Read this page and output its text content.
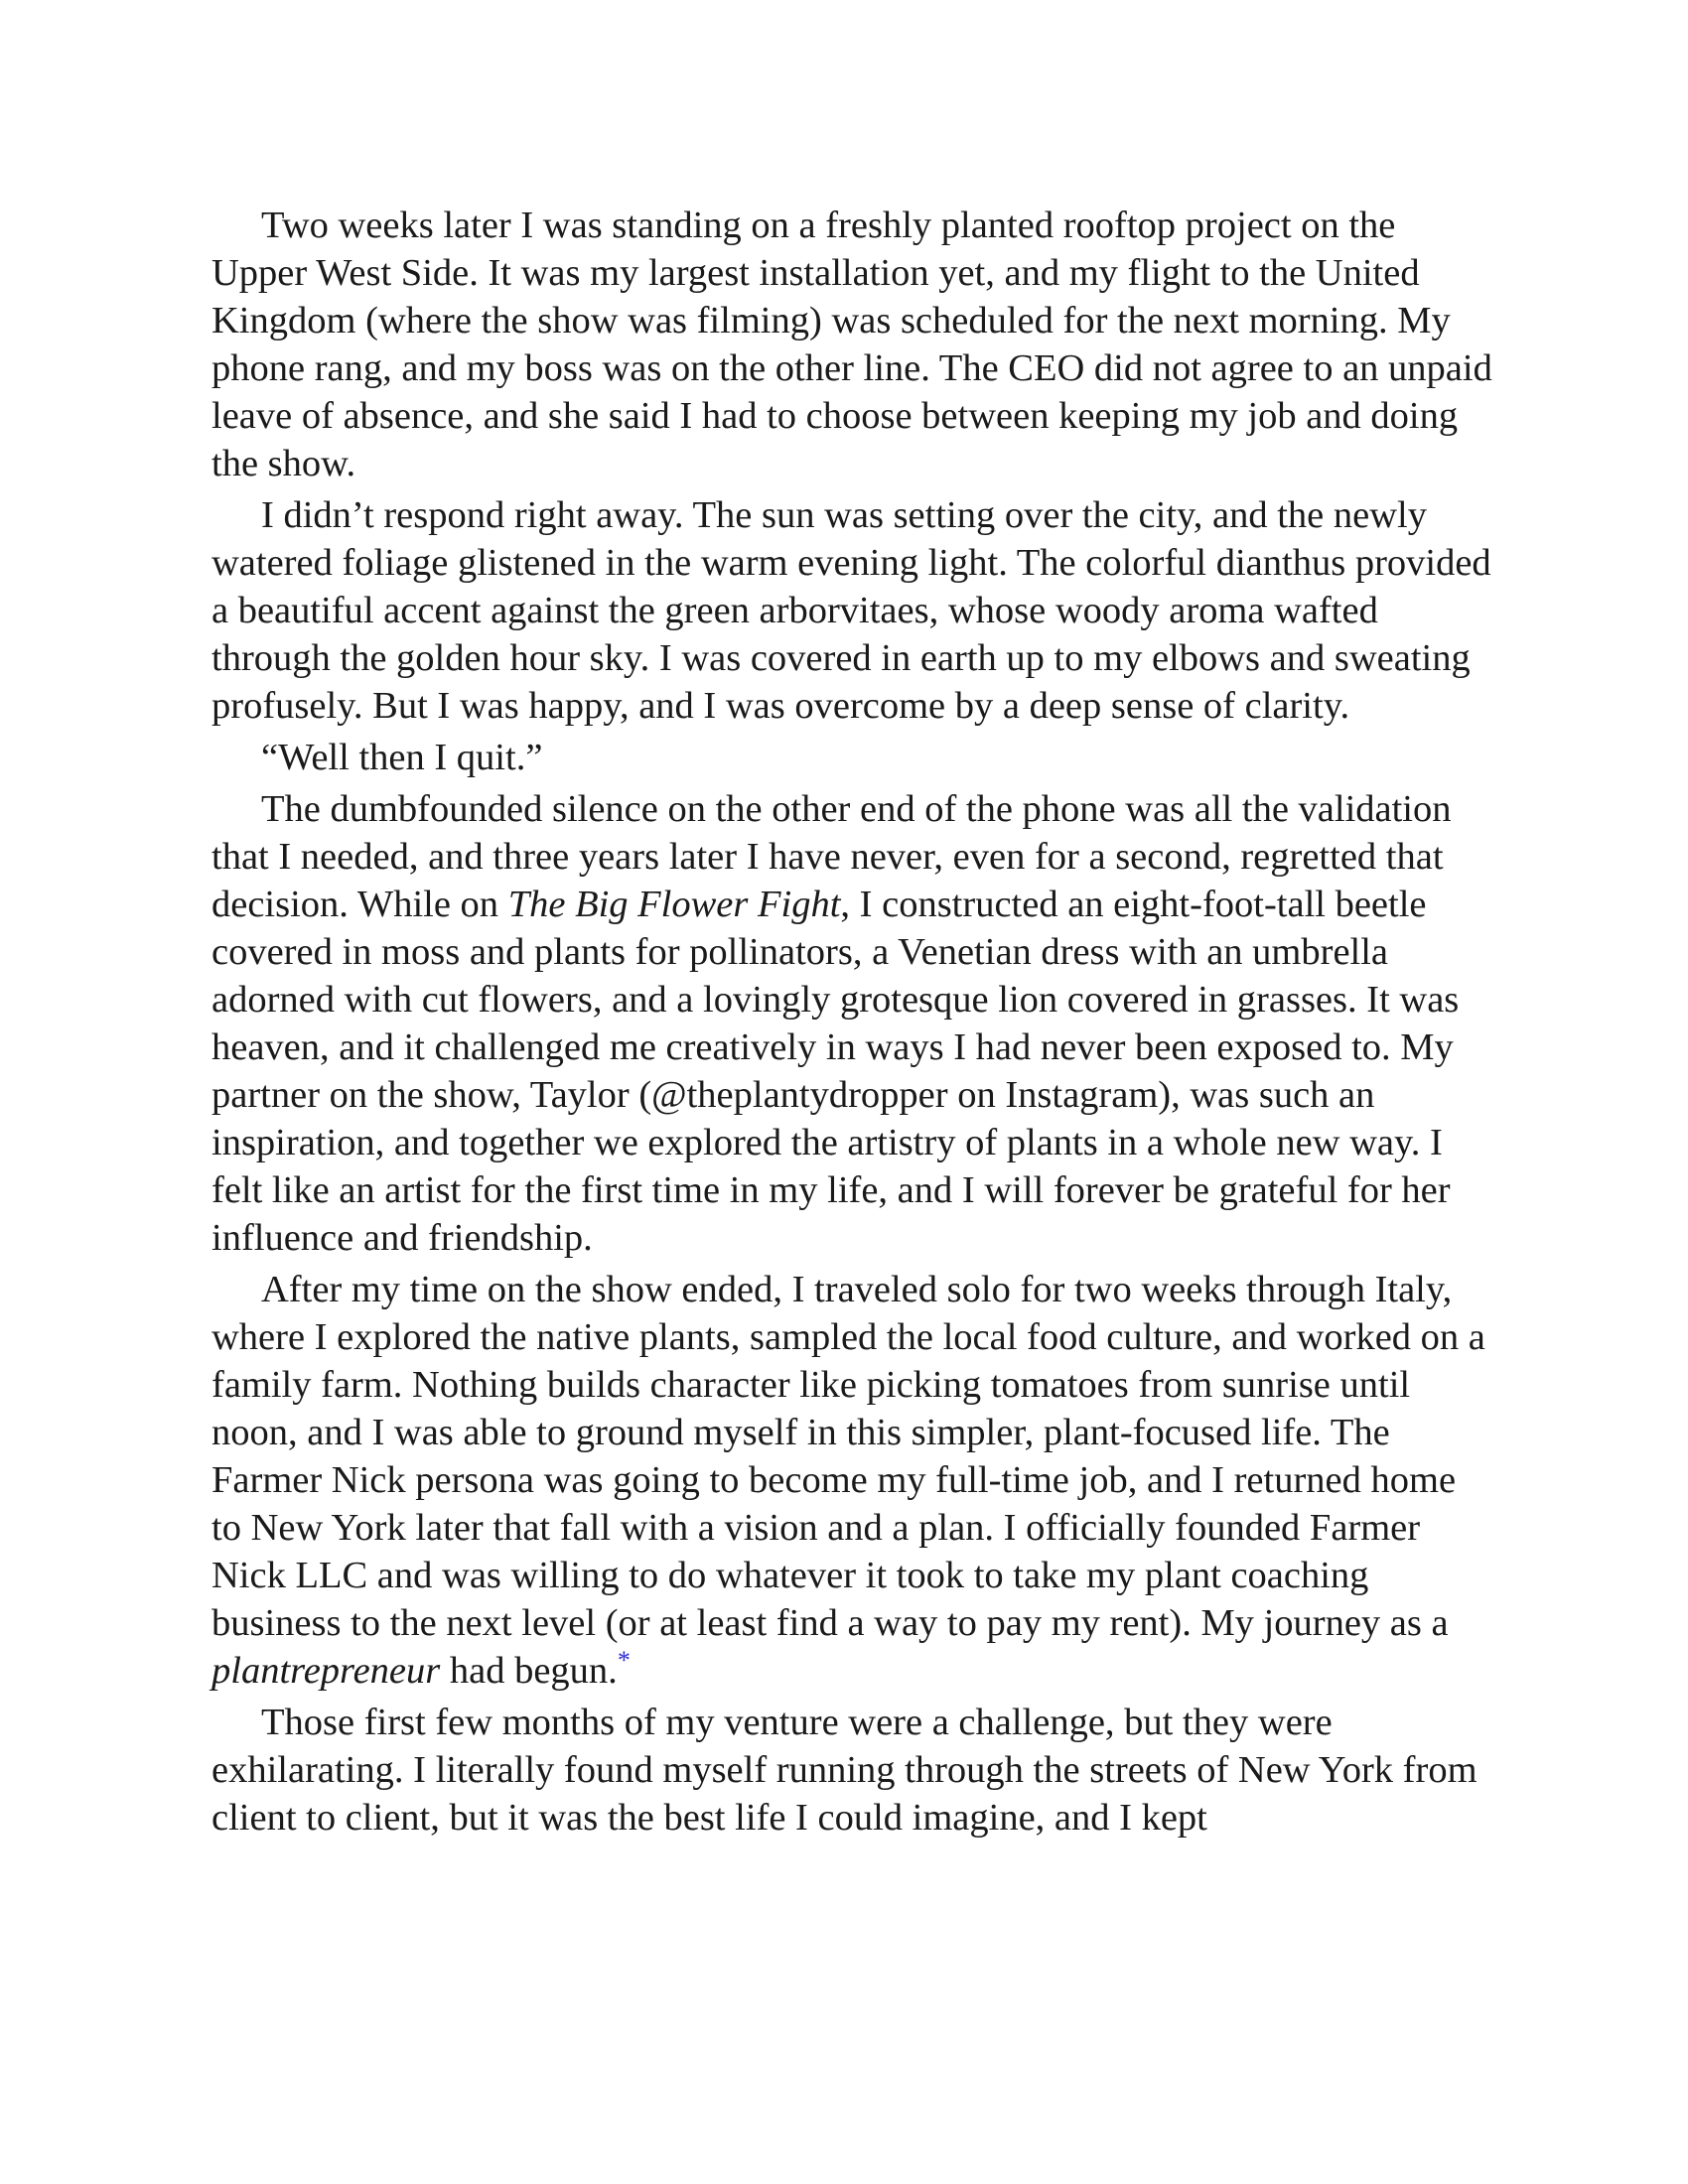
Two weeks later I was standing on a freshly planted rooftop project on the Upper West Side. It was my largest installation yet, and my flight to the United Kingdom (where the show was filming) was scheduled for the next morning. My phone rang, and my boss was on the other line. The CEO did not agree to an unpaid leave of absence, and she said I had to choose between keeping my job and doing the show.

I didn’t respond right away. The sun was setting over the city, and the newly watered foliage glistened in the warm evening light. The colorful dianthus provided a beautiful accent against the green arborvitaes, whose woody aroma wafted through the golden hour sky. I was covered in earth up to my elbows and sweating profusely. But I was happy, and I was overcome by a deep sense of clarity.

“Well then I quit.”

The dumbfounded silence on the other end of the phone was all the validation that I needed, and three years later I have never, even for a second, regretted that decision. While on The Big Flower Fight, I constructed an eight-foot-tall beetle covered in moss and plants for pollinators, a Venetian dress with an umbrella adorned with cut flowers, and a lovingly grotesque lion covered in grasses. It was heaven, and it challenged me creatively in ways I had never been exposed to. My partner on the show, Taylor (@theplantydropper on Instagram), was such an inspiration, and together we explored the artistry of plants in a whole new way. I felt like an artist for the first time in my life, and I will forever be grateful for her influence and friendship.

After my time on the show ended, I traveled solo for two weeks through Italy, where I explored the native plants, sampled the local food culture, and worked on a family farm. Nothing builds character like picking tomatoes from sunrise until noon, and I was able to ground myself in this simpler, plant-focused life. The Farmer Nick persona was going to become my full-time job, and I returned home to New York later that fall with a vision and a plan. I officially founded Farmer Nick LLC and was willing to do whatever it took to take my plant coaching business to the next level (or at least find a way to pay my rent). My journey as a plantrepreneur had begun.*

Those first few months of my venture were a challenge, but they were exhilarating. I literally found myself running through the streets of New York from client to client, but it was the best life I could imagine, and I kept
